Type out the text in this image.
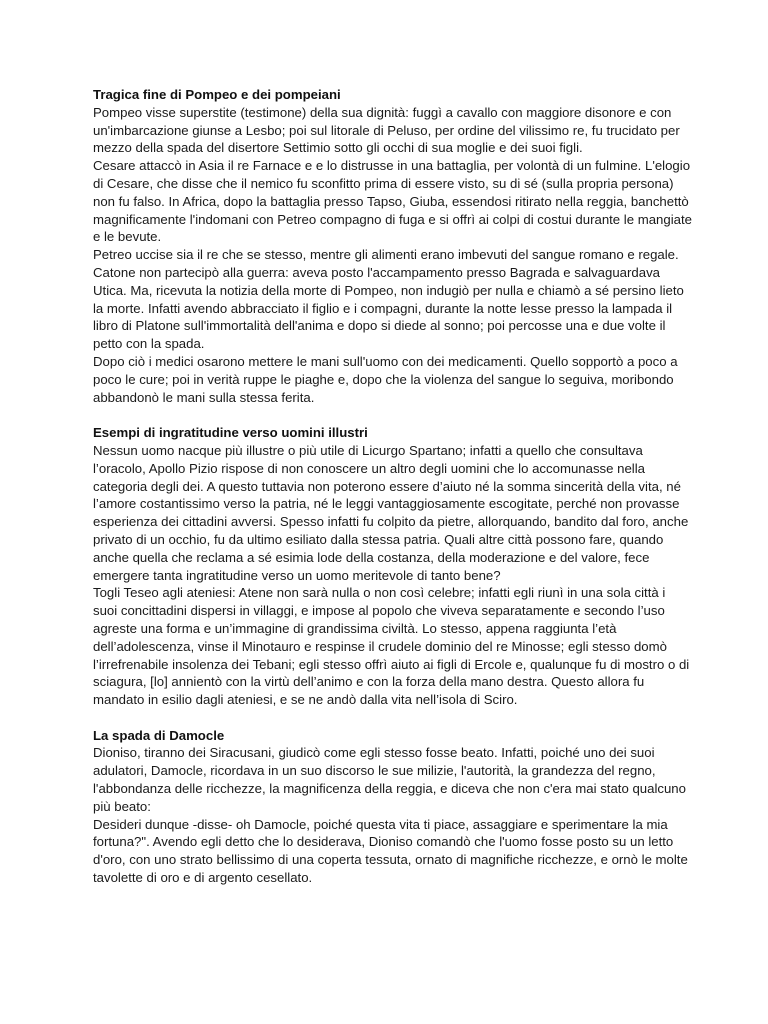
Tragica fine di Pompeo e dei pompeiani
Pompeo visse superstite (testimone) della sua dignità: fuggì a cavallo con maggiore disonore e con un'imbarcazione giunse a Lesbo; poi sul litorale di Peluso, per ordine del vilissimo re, fu trucidato per mezzo della spada del disertore Settimio sotto gli occhi di sua moglie e dei suoi figli.
Cesare attaccò in Asia il re Farnace e e lo distrusse in una battaglia, per volontà di un fulmine. L'elogio di Cesare, che disse che il nemico fu sconfitto prima di essere visto, su di sé (sulla propria persona) non fu falso. In Africa, dopo la battaglia presso Tapso, Giuba, essendosi ritirato nella reggia, banchettò magnificamente l'indomani con Petreo compagno di fuga e si offrì ai colpi di costui durante le mangiate e le bevute.
Petreo uccise sia il re che se stesso, mentre gli alimenti erano imbevuti del sangue romano e regale. Catone non partecipò alla guerra: aveva posto l'accampamento presso Bagrada e salvaguardava Utica. Ma, ricevuta la notizia della morte di Pompeo, non indugiò per nulla e chiamò a sé persino lieto la morte. Infatti avendo abbracciato il figlio e i compagni, durante la notte lesse presso la lampada il libro di Platone sull'immortalità dell'anima e dopo si diede al sonno; poi percosse una e due volte il petto con la spada.
Dopo ciò i medici osarono mettere le mani sull'uomo con dei medicamenti. Quello sopportò a poco a poco le cure; poi in verità ruppe le piaghe e, dopo che la violenza del sangue lo seguiva, moribondo abbandonò le mani sulla stessa ferita.
Esempi di ingratitudine verso uomini illustri
Nessun uomo nacque più illustre o più utile di Licurgo Spartano; infatti a quello che consultava l’oracolo, Apollo Pizio rispose di non conoscere un altro degli uomini che lo accomunasse nella categoria degli dei. A questo tuttavia non poterono essere d’aiuto né la somma sincerità della vita, né l’amore costantissimo verso la patria, né le leggi vantaggiosamente escogitate, perché non provasse esperienza dei cittadini avversi. Spesso infatti fu colpito da pietre, allorquando, bandito dal foro, anche privato di un occhio, fu da ultimo esiliato dalla stessa patria. Quali altre città possono fare, quando anche quella che reclama a sé esimia lode della costanza, della moderazione e del valore, fece emergere tanta ingratitudine verso un uomo meritevole di tanto bene?
Togli Teseo agli ateniesi: Atene non sarà nulla o non così celebre; infatti egli riunì in una sola città i suoi concittadini dispersi in villaggi, e impose al popolo che viveva separatamente e secondo l’uso agreste una forma e un’immagine di grandissima civiltà. Lo stesso, appena raggiunta l’età dell’adolescenza, vinse il Minotauro e respinse il crudele dominio del re Minosse; egli stesso domò l’irrefrenabile insolenza dei Tebani; egli stesso offrì aiuto ai figli di Ercole e, qualunque fu di mostro o di sciagura, [lo] annientò con la virtù dell’animo e con la forza della mano destra. Questo allora fu mandato in esilio dagli ateniesi, e se ne andò dalla vita nell’isola di Sciro.
La spada di Damocle
Dioniso, tiranno dei Siracusani, giudicò come egli stesso fosse beato. Infatti, poiché uno dei suoi adulatori, Damocle, ricordava in un suo discorso le sue milizie, l'autorità, la grandezza del regno, l'abbondanza delle ricchezze, la magnificenza della reggia, e diceva che non c'era mai stato qualcuno più beato:
Desideri dunque -disse- oh Damocle, poiché questa vita ti piace, assaggiare e sperimentare la mia fortuna?". Avendo egli detto che lo desiderava, Dioniso comandò che l'uomo fosse posto su un letto d'oro, con uno strato bellissimo di una coperta tessuta, ornato di magnifiche ricchezze, e ornò le molte tavolette di oro e di argento cesellato.
